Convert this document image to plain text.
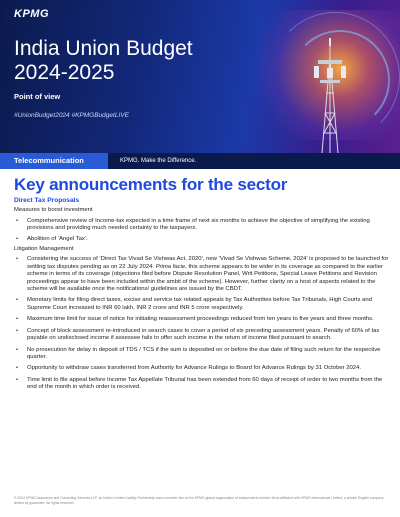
KPMG
India Union Budget
2024-2025
Point of view
#UnionBudget2024 #KPMGBudgetLIVE
Telecommunication	KPMG. Make the Difference.
Key announcements for the sector
Direct Tax Proposals
Measures to boost investment
• Comprehensive review of Income-tax expected in a time frame of next six months to achieve the objective of simplifying the existing provisions and providing much needed certainty to the taxpayers.
• Abolition of ‘Angel Tax’.
Litigation Management
• Considering the success of ‘Direct Tax Vivad Se Vishwas Act, 2020’, new ‘Vivad Se Vishwas Scheme, 2024’ is proposed to be launched for settling tax disputes pending as on 22 July 2024. Prima facie, this scheme appears to be wider in its coverage as compared to the earlier scheme in terms of its coverage (objections filed before Dispute Resolution Panel, Writ Petitions, Special Leave Petitions and Revision proceedings appear to have been included within the ambit of the scheme). However, further clarity on a host of aspects related to the scheme will be available once the notifications/ guidelines are issued by the CBDT.
• Monetary limits for filing direct taxes, excise and service tax related appeals by Tax Authorities before Tax Tribunals, High Courts and Supreme Court increased to INR 60 lakh, INR 2 crore and INR 5 crore respectively.
• Maximum time limit for issue of notice for initiating reassessment proceedings reduced from ten years to five years and three months.
• Concept of block assessment re-introduced in search cases to cover a period of six preceding assessment years. Penalty of 60% of tax payable on undisclosed income if assessee fails to offer such income in the return of income filed pursuant to search.
• No prosecution for delay in deposit of TDS / TCS if the sum is deposited on or before the due date of filing such return for the respective quarter.
• Opportunity to withdraw cases transferred from Authority for Advance Rulings to Board for Advance Rulings by 31 October 2024.
• Time limit to file appeal before Income Tax Appellate Tribunal has been extended from 60 days of receipt of order to two months from the end of the month in which order is received.
© 2024 KPMG Assurance and Consulting Services LLP, an Indian Limited Liability Partnership and a member firm of the KPMG global organization of independent member firms affiliated with KPMG International Limited, a private English company limited by guarantee. All rights reserved.
